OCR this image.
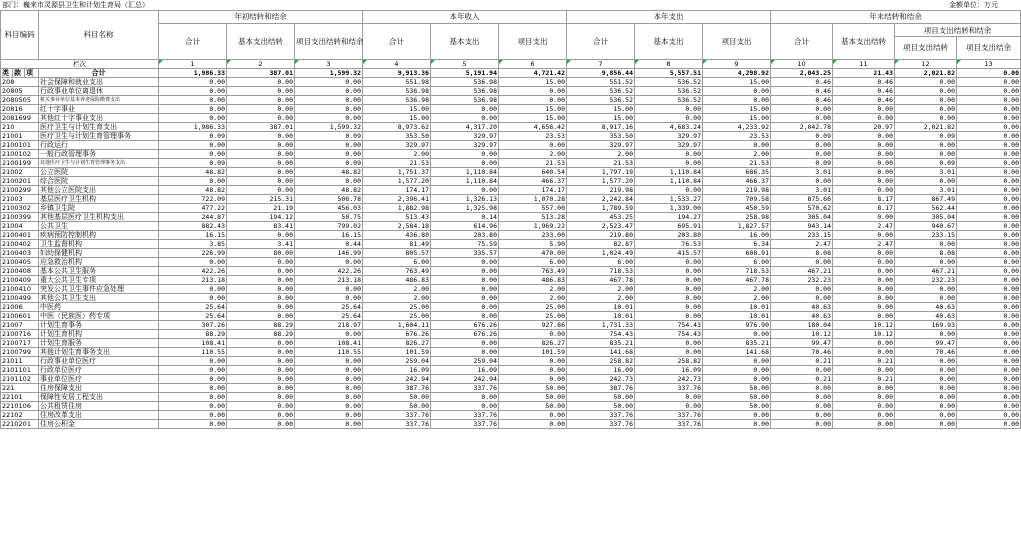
部门：巍来市灵源县卫生和计划生育局（汇总）	金额单位：万元
科目编码			科目名称	年初结转和结余			本年收入			本年支出			年末结转和结余			
				合计	基本支出结转	项目支出结转和结余	合计	基本支出	项目支出	合计	基本支出	项目支出	合计	基本支出结转	项目支出结转和结余	
															项目支出结转	项目支出结余
栏次				1	2	3	4	5	6	7	8	9	10	11	12	13
类	款	项	合计	1,986.33	387.01	1,599.32	9,913.36	5,191.94	4,721.42	9,856.44	5,557.51	4,298.92	2,043.25	21.43	2,021.82	0.00
208			社会保障和就业支出	0.00	0.00	0.00	551.98	536.98	15.00	551.52	536.52	15.00	0.46	0.46	0.00	0.00
20805			行政事业单位离退休	0.00	0.00	0.00	536.98	536.98	0.00	536.52	536.52	0.00	0.46	0.46	0.00	0.00
2080505			机关事业单位基本养老保险缴费支出	0.00	0.00	0.00	536.98	536.98	0.00	536.52	536.52	0.00	0.46	0.46	0.00	0.00
20816			红十字事业	0.00	0.00	0.00	15.00	0.00	15.00	15.00	0.00	15.00	0.00	0.00	0.00	0.00
2081699			其他红十字事业支出	0.00	0.00	0.00	15.00	0.00	15.00	15.00	0.00	15.00	0.00	0.00	0.00	0.00
210			医疗卫生与计划生育支出	1,986.33	387.01	1,599.32	8,973.62	4,317.20	4,656.42	8,917.16	4,683.24	4,233.92	2,042.78	20.97	2,021.82	0.00
21001			医疗卫生与计划生育管理事务	0.09	0.00	0.09	353.50	329.97	23.53	353.50	329.97	23.53	0.09	0.00	0.09	0.00
2100101			行政运行	0.00	0.00	0.00	329.97	329.97	0.00	329.97	329.97	0.00	0.00	0.00	0.00	0.00
2100102			一般行政管理事务	0.00	0.00	0.00	2.00	0.00	2.00	2.00	0.00	2.00	0.00	0.00	0.00	0.00
2100199			其他医疗卫生与计划生育管理事务支出	0.09	0.00	0.09	21.53	0.00	21.53	21.53	0.00	21.53	0.09	0.00	0.09	0.00
21002			公立医院	48.82	0.00	48.82	1,751.37	1,110.84	640.54	1,797.19	1,110.84	686.35	3.01	0.00	3.01	0.00
2100201			综合医院	0.00	0.00	0.00	1,577.20	1,110.84	466.37	1,577.20	1,110.84	466.37	0.00	0.00	0.00	0.00
2100299			其他公立医院支出	48.82	0.00	48.82	174.17	0.00	174.17	219.98	0.00	219.98	3.01	0.00	3.01	0.00
21003			基层医疗卫生机构	722.09	215.31	506.78	2,396.41	1,326.13	1,070.28	2,242.84	1,533.27	709.58	875.66	8.17	867.49	0.00
2100302			乡镇卫生院	477.22	21.19	456.03	1,882.98	1,325.98	557.00	1,789.59	1,339.00	450.59	570.62	8.17	562.44	0.00
2100399			其他基层医疗卫生机构支出	244.87	194.12	50.75	513.43	0.14	513.28	453.25	194.27	258.98	305.04	0.00	305.04	0.00
21004			公共卫生	882.43	83.41	799.02	2,584.18	614.96	1,969.22	2,523.47	695.91	1,827.57	943.14	2.47	940.67	0.00
2100401			疾病预防控制机构	16.15	0.00	16.15	436.80	203.80	233.00	219.80	203.80	16.00	233.15	0.00	233.15	0.00
2100402			卫生监督机构	3.85	3.41	0.44	81.49	75.59	5.90	82.87	76.53	6.34	2.47	2.47	0.00	0.00
2100403			妇幼保健机构	226.99	80.00	146.99	805.57	335.57	470.00	1,024.49	415.57	608.91	8.08	0.00	8.08	0.00
2100405			应急救治机构	0.00	0.00	0.00	6.00	0.00	6.00	6.00	0.00	6.00	0.00	0.00	0.00	0.00
2100408			基本公共卫生服务	422.26	0.00	422.26	763.49	0.00	763.49	718.53	0.00	718.53	467.21	0.00	467.21	0.00
2100409			重大公共卫生专项	213.18	0.00	213.18	486.83	0.00	486.83	467.78	0.00	467.78	232.23	0.00	232.23	0.00
2100410			突发公共卫生事件应急处理	0.00	0.00	0.00	2.00	0.00	2.00	2.00	0.00	2.00	0.00	0.00	0.00	0.00
2100499			其他公共卫生支出	0.00	0.00	0.00	2.00	0.00	2.00	2.00	0.00	2.00	0.00	0.00	0.00	0.00
21006			中医药	25.64	0.00	25.64	25.00	0.00	25.00	10.01	0.00	10.01	40.63	0.00	40.63	0.00
2100601			中医（民族医）药专项	25.64	0.00	25.64	25.00	0.00	25.00	10.01	0.00	10.01	40.63	0.00	40.63	0.00
21007			计划生育事务	307.26	88.29	218.97	1,604.11	676.26	927.86	1,731.33	754.43	976.90	180.04	10.12	169.93	0.00
2100716			计划生育机构	88.29	88.29	0.00	676.26	676.26	0.00	754.43	754.43	0.00	10.12	10.12	0.00	0.00
2100717			计划生育服务	108.41	0.00	108.41	826.27	0.00	826.27	835.21	0.00	835.21	99.47	0.00	99.47	0.00
2100799			其他计划生育事务支出	110.55	0.00	110.55	101.59	0.00	101.59	141.68	0.00	141.68	70.46	0.00	70.46	0.00
21011			行政事业单位医疗	0.00	0.00	0.00	259.04	259.04	0.00	258.82	258.82	0.00	0.21	0.21	0.00	0.00
2101101			行政单位医疗	0.00	0.00	0.00	16.09	16.09	0.00	16.09	16.09	0.00	0.00	0.00	0.00	0.00
2101102			事业单位医疗	0.00	0.00	0.00	242.94	242.94	0.00	242.73	242.73	0.00	0.21	0.21	0.00	0.00
221			住房保障支出	0.00	0.00	0.00	387.76	337.76	50.00	387.76	337.76	50.00	0.00	0.00	0.00	0.00
22101			保障性安居工程支出	0.00	0.00	0.00	50.00	0.00	50.00	50.00	0.00	50.00	0.00	0.00	0.00	0.00
2210106			公共租赁住房	0.00	0.00	0.00	50.00	0.00	50.00	50.00	0.00	50.00	0.00	0.00	0.00	0.00
22102			住房改革支出	0.00	0.00	0.00	337.76	337.76	0.00	337.76	337.76	0.00	0.00	0.00	0.00	0.00
2210201			住房公积金	0.00	0.00	0.00	337.76	337.76	0.00	337.76	337.76	0.00	0.00	0.00	0.00	0.00
